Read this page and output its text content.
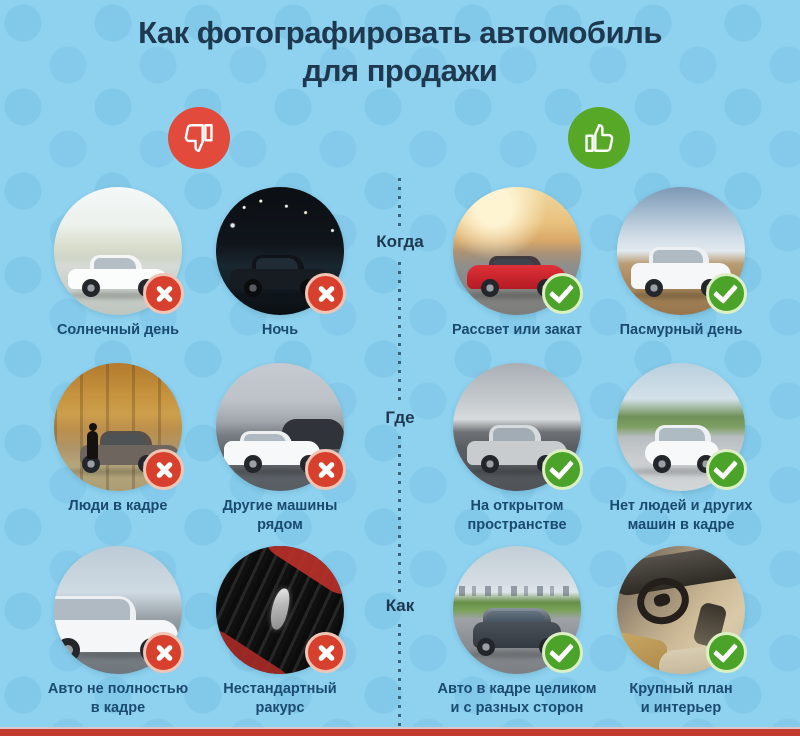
Как фотографировать автомобиль
для продажи
Когда
Где
Как
Солнечный день	Ночь	Рассвет или закат	Пасмурный день
Люди в кадре	Другие машины
рядом
На открытом
пространстве
Нет людей и других
машин в кадре
Авто не полностью
в кадре
Нестандартный
ракурс
Авто в кадре целиком
и с разных сторон
Крупный план
и интерьер
